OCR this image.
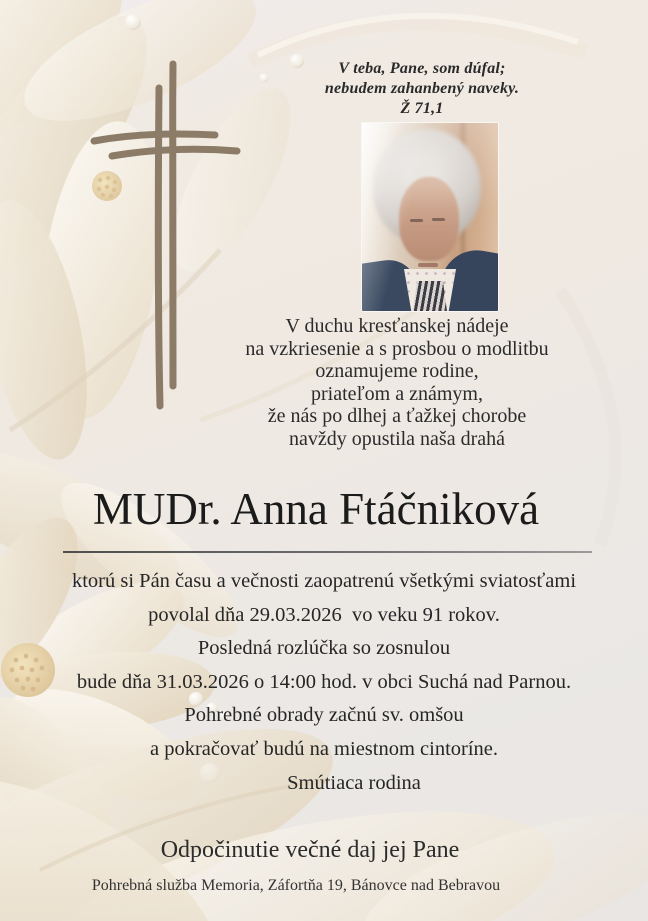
V teba, Pane, som dúfal;
nebudem zahanbený naveky.
Ž 71,1
V duchu kresťanskej nádeje
na vzkriesenie a s prosbou o modlitbu
oznamujeme rodine,
priateľom a známym,
že nás po dlhej a ťažkej chorobe
navždy opustila naša drahá
MUDr. Anna Ftáčniková
ktorú si Pán času a večnosti zaopatrenú všetkými sviatosťami
povolal dňa 29.03.2026  vo veku 91 rokov.
Posledná rozlúčka so zosnulou
bude dňa 31.03.2026 o 14:00 hod. v obci Suchá nad Parnou.
Pohrebné obrady začnú sv. omšou
a pokračovať budú na miestnom cintoríne.
Smútiaca rodina
Odpočinutie večné daj jej Pane
Pohrebná služba Memoria, Záfortňa 19, Bánovce nad Bebravou
